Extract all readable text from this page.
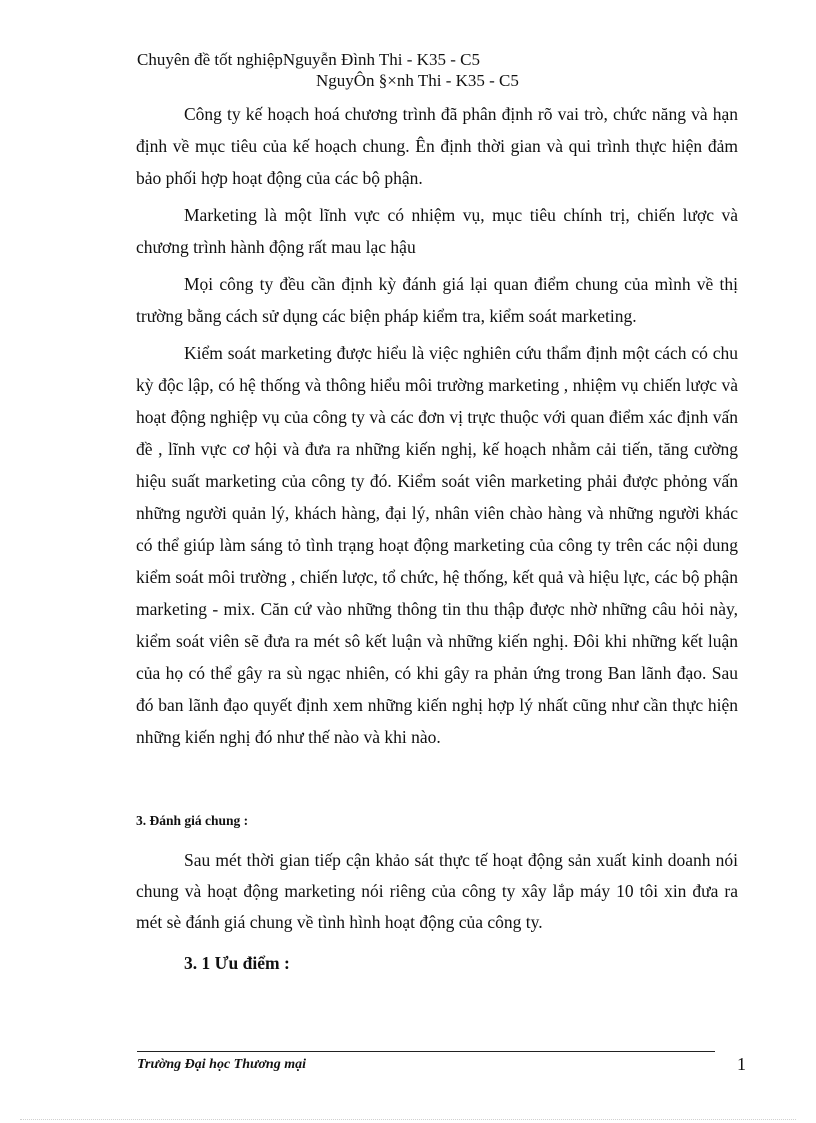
Chuyên đề tốt nghiệpNguyễn Đình Thi - K35 - C5
NguyÔn §×nh Thi - K35 - C5

Công ty kế hoạch hoá chương trình đã phân định rõ vai trò, chức năng và hạn định về mục tiêu của kế hoạch chung. Ên định thời gian và qui trình thực hiện đảm bảo phối hợp hoạt động của các bộ phận.

Marketing là một lĩnh vực có nhiệm vụ, mục tiêu chính trị, chiến lược và chương trình hành động rất mau lạc hậu

Mọi công ty đều cần định kỳ đánh giá lại quan điểm chung của mình về thị trường bằng cách sử dụng các biện pháp kiểm tra, kiểm soát marketing.

Kiểm soát marketing được hiểu là việc nghiên cứu thẩm định một cách có chu kỳ độc lập, có hệ thống và thông hiểu môi trường marketing , nhiệm vụ chiến lược và hoạt động nghiệp vụ của công ty và các đơn vị trực thuộc với quan điểm xác định vấn đề , lĩnh vực cơ hội và đưa ra những kiến nghị, kế hoạch nhằm cải tiến, tăng cường hiệu suất marketing của công ty đó. Kiểm soát viên marketing phải được phỏng vấn những người quản lý, khách hàng, đại lý, nhân viên chào hàng và những người khác có thể giúp làm sáng tỏ tình trạng hoạt động marketing của công ty trên các nội dung kiểm soát môi trường , chiến lược, tổ chức, hệ thống, kết quả và hiệu lực, các bộ phận marketing - mix. Căn cứ vào những thông tin thu thập được nhờ những câu hỏi này, kiểm soát viên sẽ đưa ra mét sô kết luận và những kiến nghị. Đôi khi những kết luận của họ có thể gây ra sù ngạc nhiên, có khi gây ra phản ứng trong Ban lãnh đạo. Sau đó ban lãnh đạo quyết định xem những kiến nghị hợp lý nhất cũng như cần thực hiện những kiến nghị đó như thế nào và khi nào.

3. Đánh giá chung :

Sau mét thời gian tiếp cận khảo sát thực tế hoạt động sản xuất kinh doanh nói chung và hoạt động marketing nói riêng của công ty xây lắp máy 10 tôi xin đưa ra mét sè đánh giá chung về tình hình hoạt động của công ty.

3. 1 Ưu điểm :
Trường Đại học Thương mại	1
